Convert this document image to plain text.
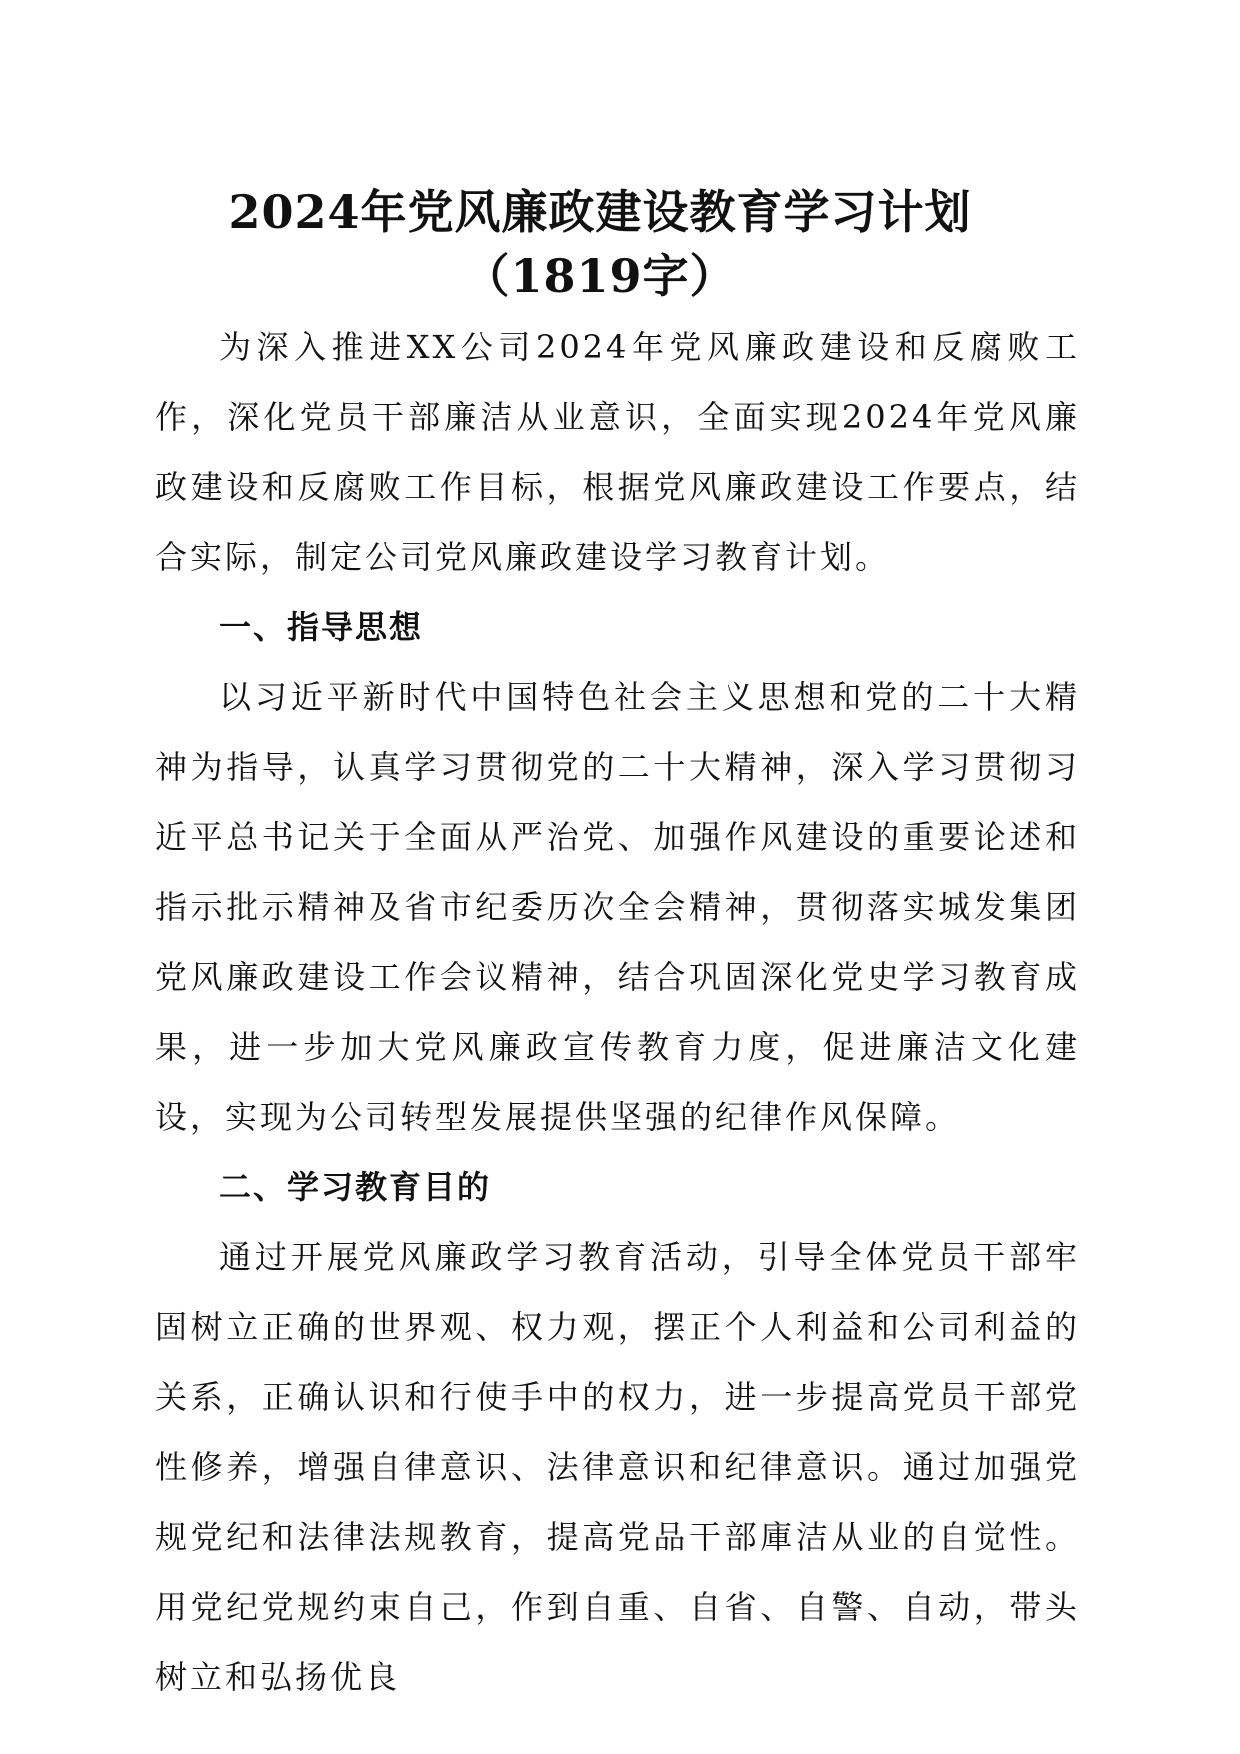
2024年党风廉政建设教育学习计划（1819字）

为深入推进XX公司2024年党风廉政建设和反腐败工作，深化党员干部廉洁从业意识，全面实现2024年党风廉政建设和反腐败工作目标，根据党风廉政建设工作要点，结合实际，制定公司党风廉政建设学习教育计划。

一、指导思想

以习近平新时代中国特色社会主义思想和党的二十大精神为指导，认真学习贯彻党的二十大精神，深入学习贯彻习近平总书记关于全面从严治党、加强作风建设的重要论述和指示批示精神及省市纪委历次全会精神，贯彻落实城发集团党风廉政建设工作会议精神，结合巩固深化党史学习教育成果，进一步加大党风廉政宣传教育力度，促进廉洁文化建设，实现为公司转型发展提供坚强的纪律作风保障。

二、学习教育目的

通过开展党风廉政学习教育活动，引导全体党员干部牢固树立正确的世界观、权力观，摆正个人利益和公司利益的关系，正确认识和行使手中的权力，进一步提高党员干部党性修养，增强自律意识、法律意识和纪律意识。通过加强党规党纪和法律法规教育，提高党品干部庫洁从业的自觉性。用党纪党规约束自己，作到自重、自省、自警、自动，带头树立和弘扬优良
